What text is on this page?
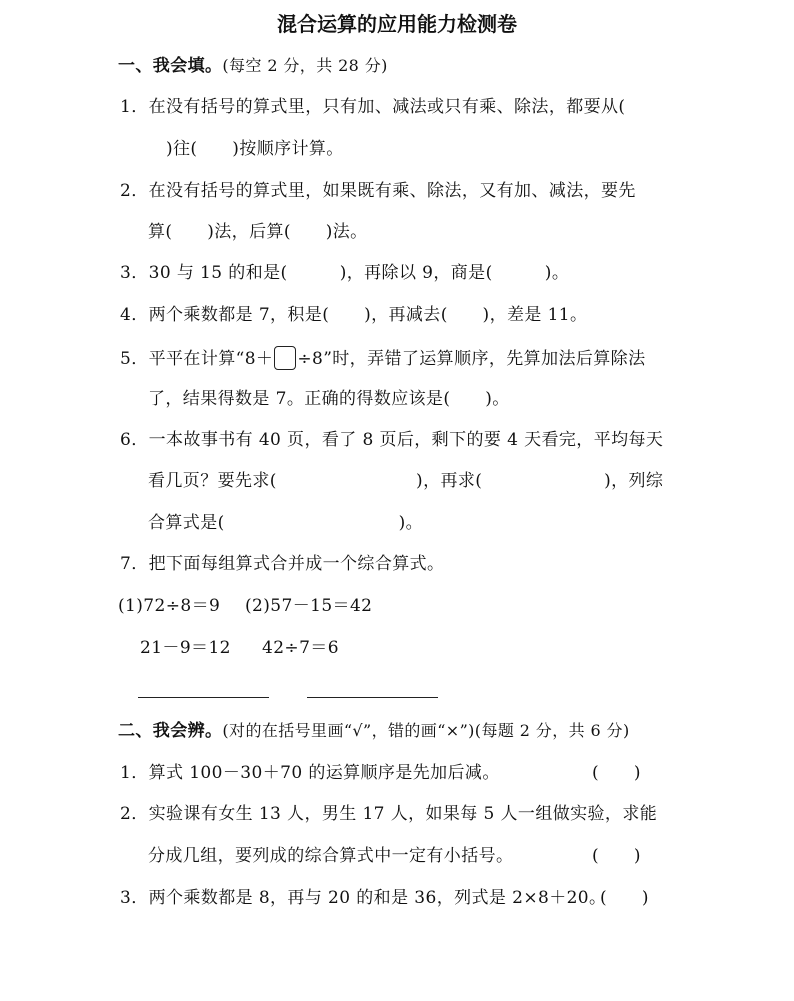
混合运算的应用能力检测卷
一、我会填。(每空 2 分，共 28 分)
1．在没有括号的算式里，只有加、减法或只有乘、除法，都要从(
)往(　　)按顺序计算。
2．在没有括号的算式里，如果既有乘、除法，又有加、减法，要先
算(　　)法，后算(　　)法。
3．30 与 15 的和是(　　　)，再除以 9，商是(　　　)。
4．两个乘数都是 7，积是(　　)，再减去(　　)，差是 11。
5．平平在计算“8＋ ÷8”时，弄错了运算顺序，先算加法后算除法
了，结果得数是 7。正确的得数应该是(　　)。
6．一本故事书有 40 页，看了 8 页后，剩下的要 4 天看完，平均每天
看几页？要先求(　　　　　　　　)，再求(　　　　　　　)，列综
合算式是(　　　　　　　　　　)。
7．把下面每组算式合并成一个综合算式。
(1)72÷8＝9 (2)57－15＝42
21－9＝12 42÷7＝6
二、我会辨。(对的在括号里画“√”，错的画“×”)(每题 2 分，共 6 分)
1．算式 100－30＋70 的运算顺序是先加后减。	(　　)
2．实验课有女生 13 人，男生 17 人，如果每 5 人一组做实验，求能
分成几组，要列成的综合算式中一定有小括号。	(　　)
3．两个乘数都是 8，再与 20 的和是 36，列式是 2×8＋20。
(　　)
